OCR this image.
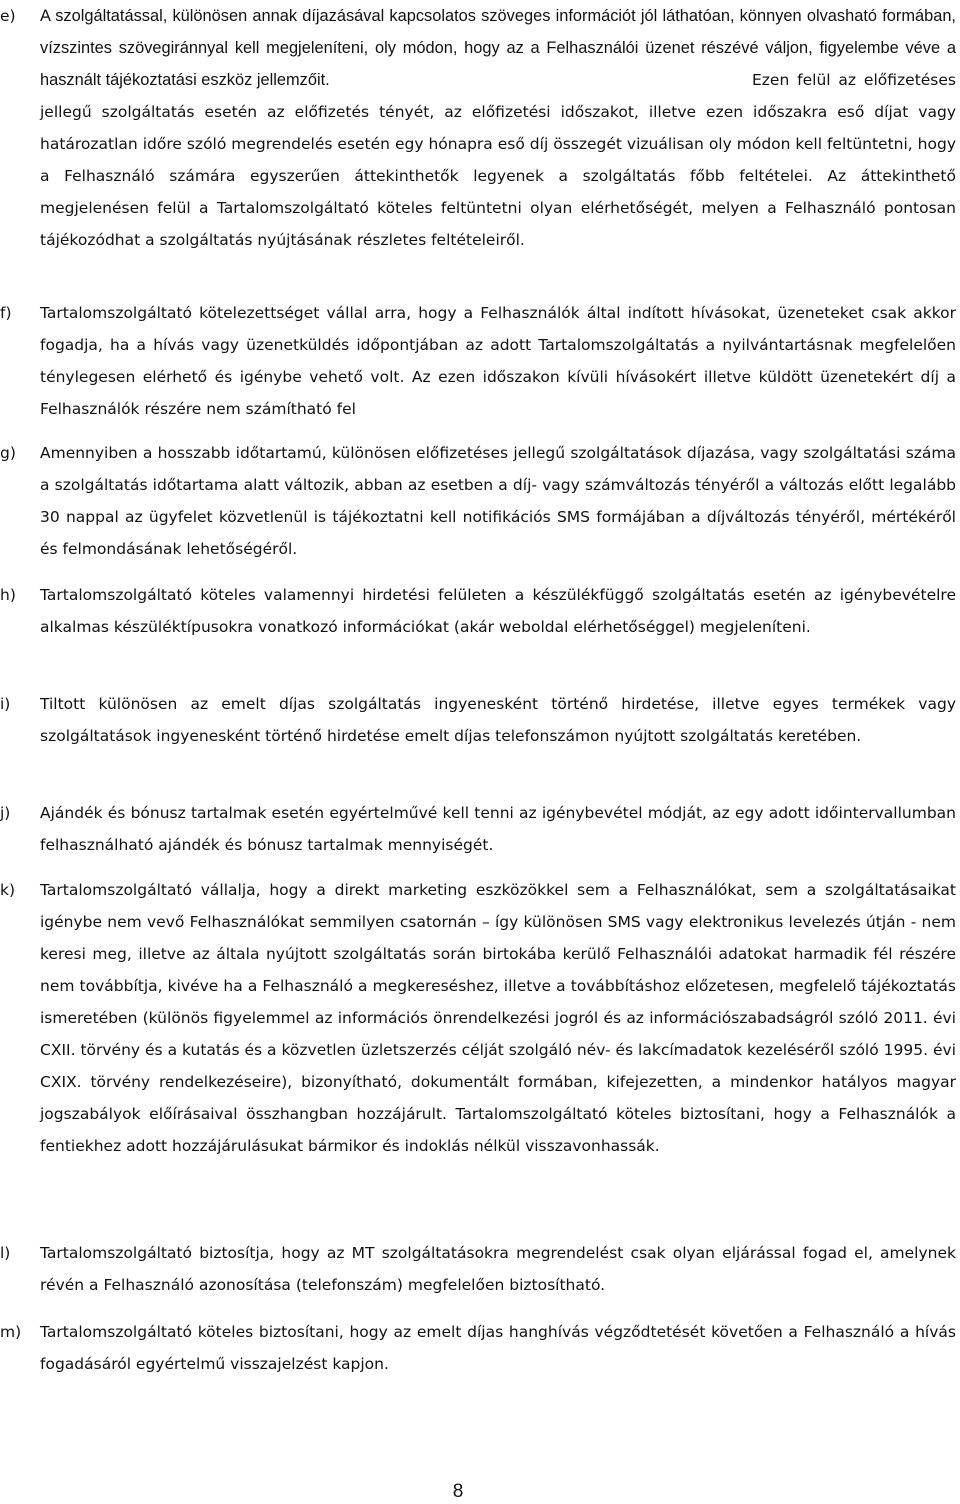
e) A szolgáltatással, különösen annak díjazásával kapcsolatos szöveges információt jól láthatóan, könnyen olvasható formában, vízszintes szövegiránnyal kell megjeleníteni, oly módon, hogy az a Felhasználói üzenet részévé váljon, figyelembe véve a használt tájékoztatási eszköz jellemzőit.	Ezen felül az előfizetéses jellegű szolgáltatás esetén az előfizetés tényét, az előfizetési időszakot, illetve ezen időszakra eső díjat vagy határozatlan időre szóló megrendelés esetén egy hónapra eső díj összegét vizuálisan oly módon kell feltüntetni, hogy a Felhasználó számára egyszerűen áttekinthetők legyenek a szolgáltatás főbb feltételei. Az áttekinthető megjelenésen felül a Tartalomszolgáltató köteles feltüntetni olyan elérhetőségét, melyen a Felhasználó pontosan tájékozódhat a szolgáltatás nyújtásának részletes feltételeiről.
f) Tartalomszolgáltató kötelezettséget vállal arra, hogy a Felhasználók által indított hívásokat, üzeneteket csak akkor fogadja, ha a hívás vagy üzenetküldés időpontjában az adott Tartalomszolgáltatás a nyilvántartásnak megfelelően ténylegesen elérhető és igénybe vehető volt. Az ezen időszakon kívüli hívásokért illetve küldött üzenetekért díj a Felhasználók részére nem számítható fel
g) Amennyiben a hosszabb időtartamú, különösen előfizetéses jellegű szolgáltatások díjazása, vagy szolgáltatási száma a szolgáltatás időtartama alatt változik, abban az esetben a díj- vagy számváltozás tényéről a változás előtt legalább 30 nappal az ügyfelet közvetlenül is tájékoztatni kell notifikációs SMS formájában a díjváltozás tényéről, mértékéről és felmondásának lehetőségéről.
h) Tartalomszolgáltató köteles valamennyi hirdetési felületen a készülékfüggő szolgáltatás esetén az igénybevételre alkalmas készüléktípusokra vonatkozó információkat (akár weboldal elérhetőséggel) megjeleníteni.
i) Tiltott különösen az emelt díjas szolgáltatás ingyenesként történő hirdetése, illetve egyes termékek vagy szolgáltatások ingyenesként történő hirdetése emelt díjas telefonszámon nyújtott szolgáltatás keretében.
j) Ajándék és bónusz tartalmak esetén egyértelművé kell tenni az igénybevétel módját, az egy adott időintervallumban felhasználható ajándék és bónusz tartalmak mennyiségét.
k) Tartalomszolgáltató vállalja, hogy a direkt marketing eszközökkel sem a Felhasználókat, sem a szolgáltatásaikat igénybe nem vevő Felhasználókat semmilyen csatornán – így különösen SMS vagy elektronikus levelezés útján - nem keresi meg, illetve az általa nyújtott szolgáltatás során birtokába kerülő Felhasználói adatokat harmadik fél részére nem továbbítja, kivéve ha a Felhasználó a megkereséshez, illetve a továbbításhoz előzetesen, megfelelő tájékoztatás ismeretében (különös figyelemmel az információs önrendelkezési jogról és az információszabadságról szóló 2011. évi CXII. törvény és a kutatás és a közvetlen üzletszerzés célját szolgáló név- és lakcímadatok kezeléséről szóló 1995. évi CXIX. törvény rendelkezéseire), bizonyítható, dokumentált formában, kifejezetten, a mindenkor hatályos magyar jogszabályok előírásaival összhangban hozzájárult. Tartalomszolgáltató köteles biztosítani, hogy a Felhasználók a fentiekhez adott hozzájárulásukat bármikor és indoklás nélkül visszavonhassák.
l) Tartalomszolgáltató biztosítja, hogy az MT szolgáltatásokra megrendelést csak olyan eljárással fogad el, amelynek révén a Felhasználó azonosítása (telefonszám) megfelelően biztosítható.
m) Tartalomszolgáltató köteles biztosítani, hogy az emelt díjas hanghívás végződtetését követően a Felhasználó a hívás fogadásáról egyértelmű visszajelzést kapjon.
8
